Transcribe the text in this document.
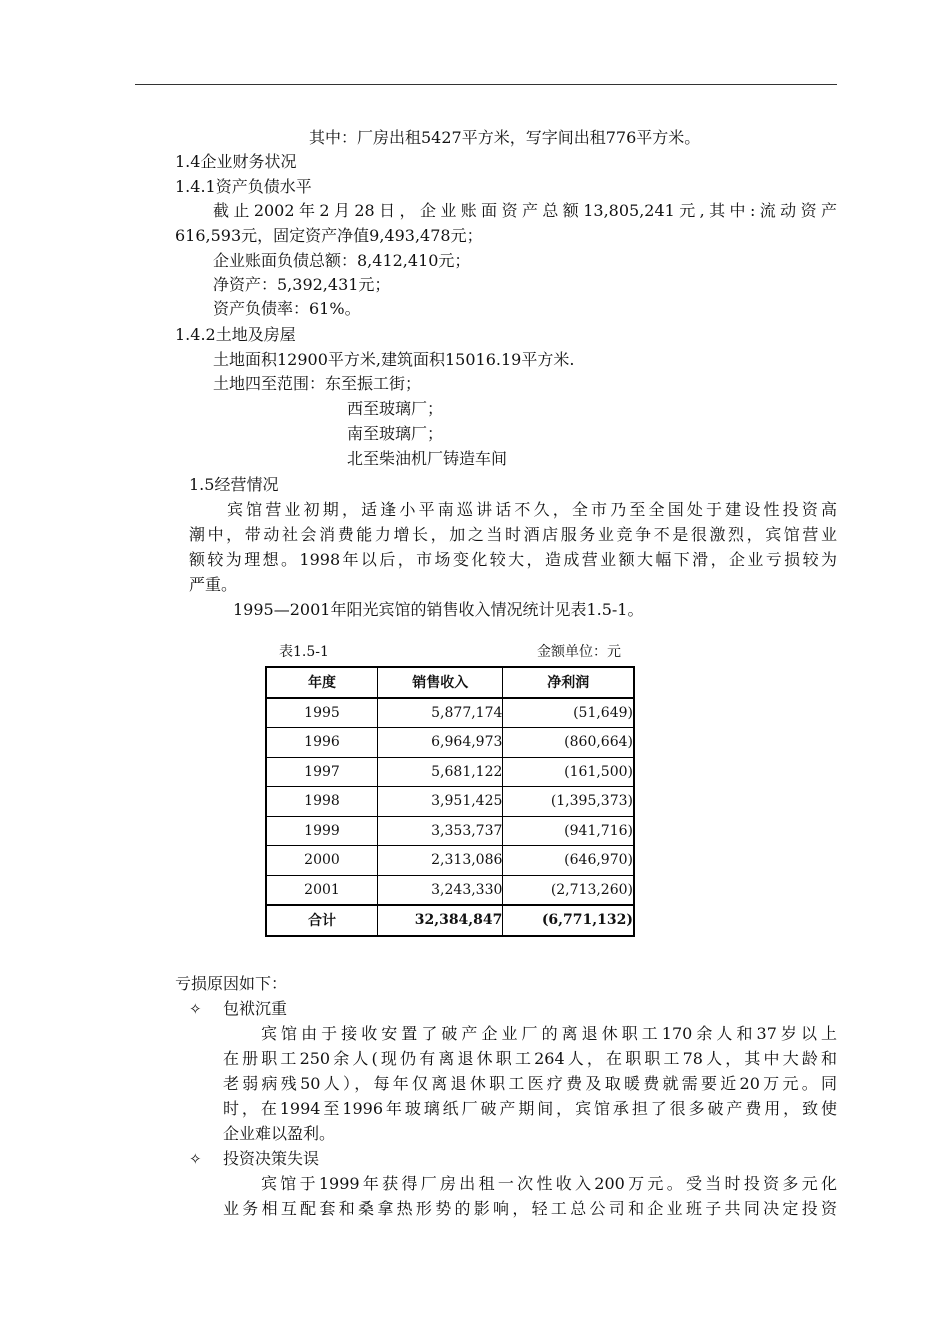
其中：厂房出租5427平方米，写字间出租776平方米。
1.4企业财务状况
1.4.1资产负债水平
截止2002年2月28日，企业账面资产总额13,805,241元,其中:流动资产
616,593元，固定资产净值9,493,478元；
企业账面负债总额：8,412,410元；
净资产：5,392,431元；
资产负债率：61%。
1.4.2土地及房屋
土地面积12900平方米,建筑面积15016.19平方米.
土地四至范围：东至振工街；
西至玻璃厂；
南至玻璃厂；
北至柴油机厂铸造车间
1.5经营情况
宾馆营业初期，适逢小平南巡讲话不久，全市乃至全国处于建设性投资高
潮中，带动社会消费能力增长，加之当时酒店服务业竞争不是很激烈，宾馆营业
额较为理想。1998年以后，市场变化较大，造成营业额大幅下滑，企业亏损较为
严重。
1995—2001年阳光宾馆的销售收入情况统计见表1.5-1。
表1.5-1	金额单位：元
年度	销售收入	净利润
1995	5,877,174	(51,649)
1996	6,964,973	(860,664)
1997	5,681,122	(161,500)
1998	3,951,425	(1,395,373)
1999	3,353,737	(941,716)
2000	2,313,086	(646,970)
2001	3,243,330	(2,713,260)
合计	32,384,847	(6,771,132)
亏损原因如下：
✧ 包袱沉重
宾馆由于接收安置了破产企业厂的离退休职工170余人和37岁以上
在册职工250余人(现仍有离退休职工264人，在职职工78人，其中大龄和
老弱病残50人），每年仅离退休职工医疗费及取暖费就需要近20万元。同
时，在1994至1996年玻璃纸厂破产期间，宾馆承担了很多破产费用，致使
企业难以盈利。
✧ 投资决策失误
宾馆于1999年获得厂房出租一次性收入200万元。受当时投资多元化
业务相互配套和桑拿热形势的影响，轻工总公司和企业班子共同决定投资
